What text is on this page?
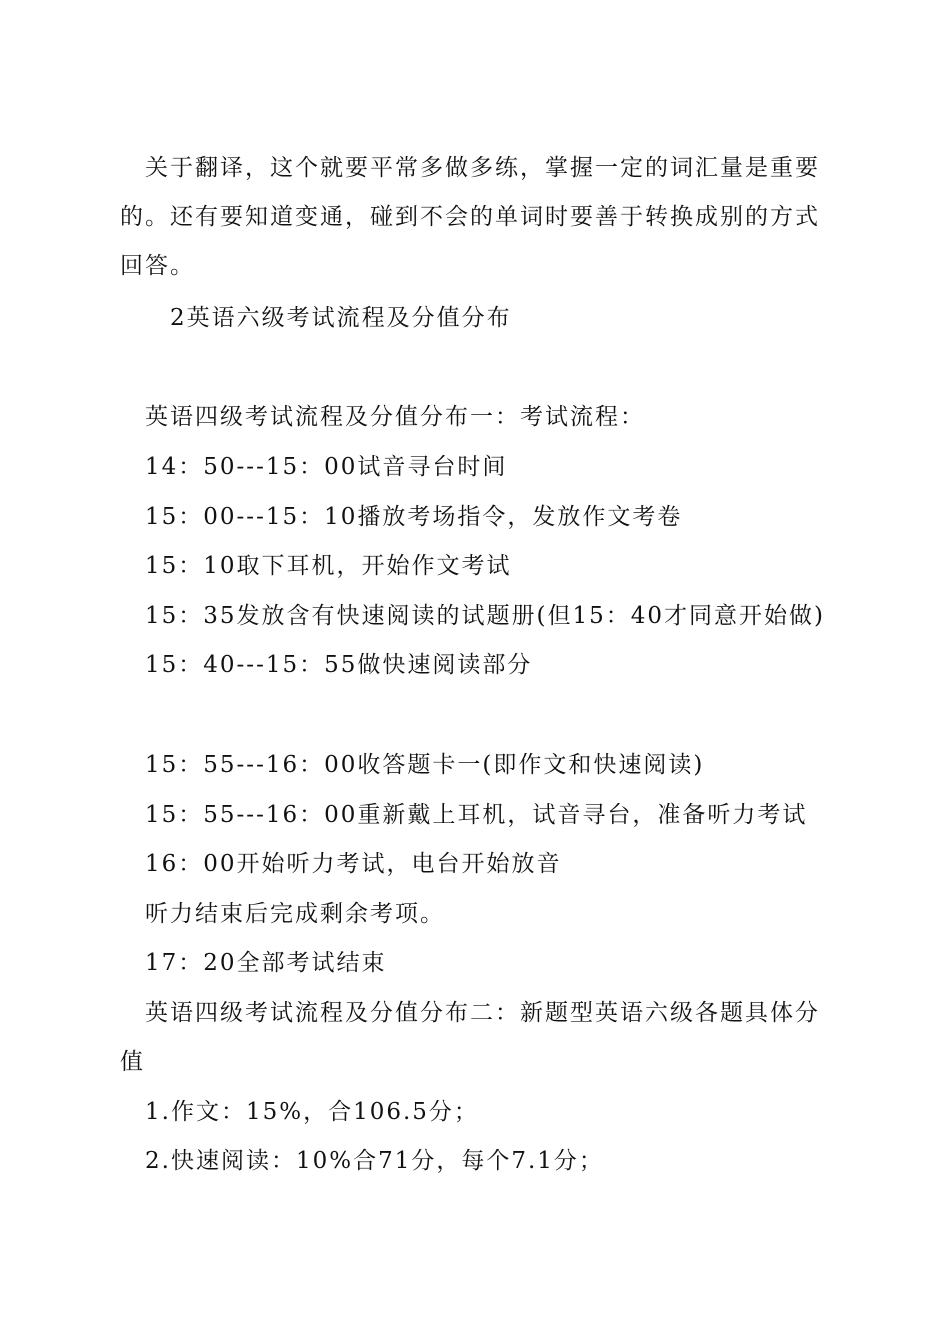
关于翻译，这个就要平常多做多练，掌握一定的词汇量是重要
的。还有要知道变通，碰到不会的单词时要善于转换成别的方式
回答。
2英语六级考试流程及分值分布
英语四级考试流程及分值分布一：考试流程：
14：50---15：00试音寻台时间
15：00---15：10播放考场指令，发放作文考卷
15：10取下耳机，开始作文考试
15：35发放含有快速阅读的试题册(但15：40才同意开始做)
15：40---15：55做快速阅读部分
15：55---16：00收答题卡一(即作文和快速阅读)
15：55---16：00重新戴上耳机，试音寻台，准备听力考试
16：00开始听力考试，电台开始放音
听力结束后完成剩余考项。
17：20全部考试结束
英语四级考试流程及分值分布二：新题型英语六级各题具体分
值
1.作文：15%，合106.5分；
2.快速阅读：10%合71分，每个7.1分；
